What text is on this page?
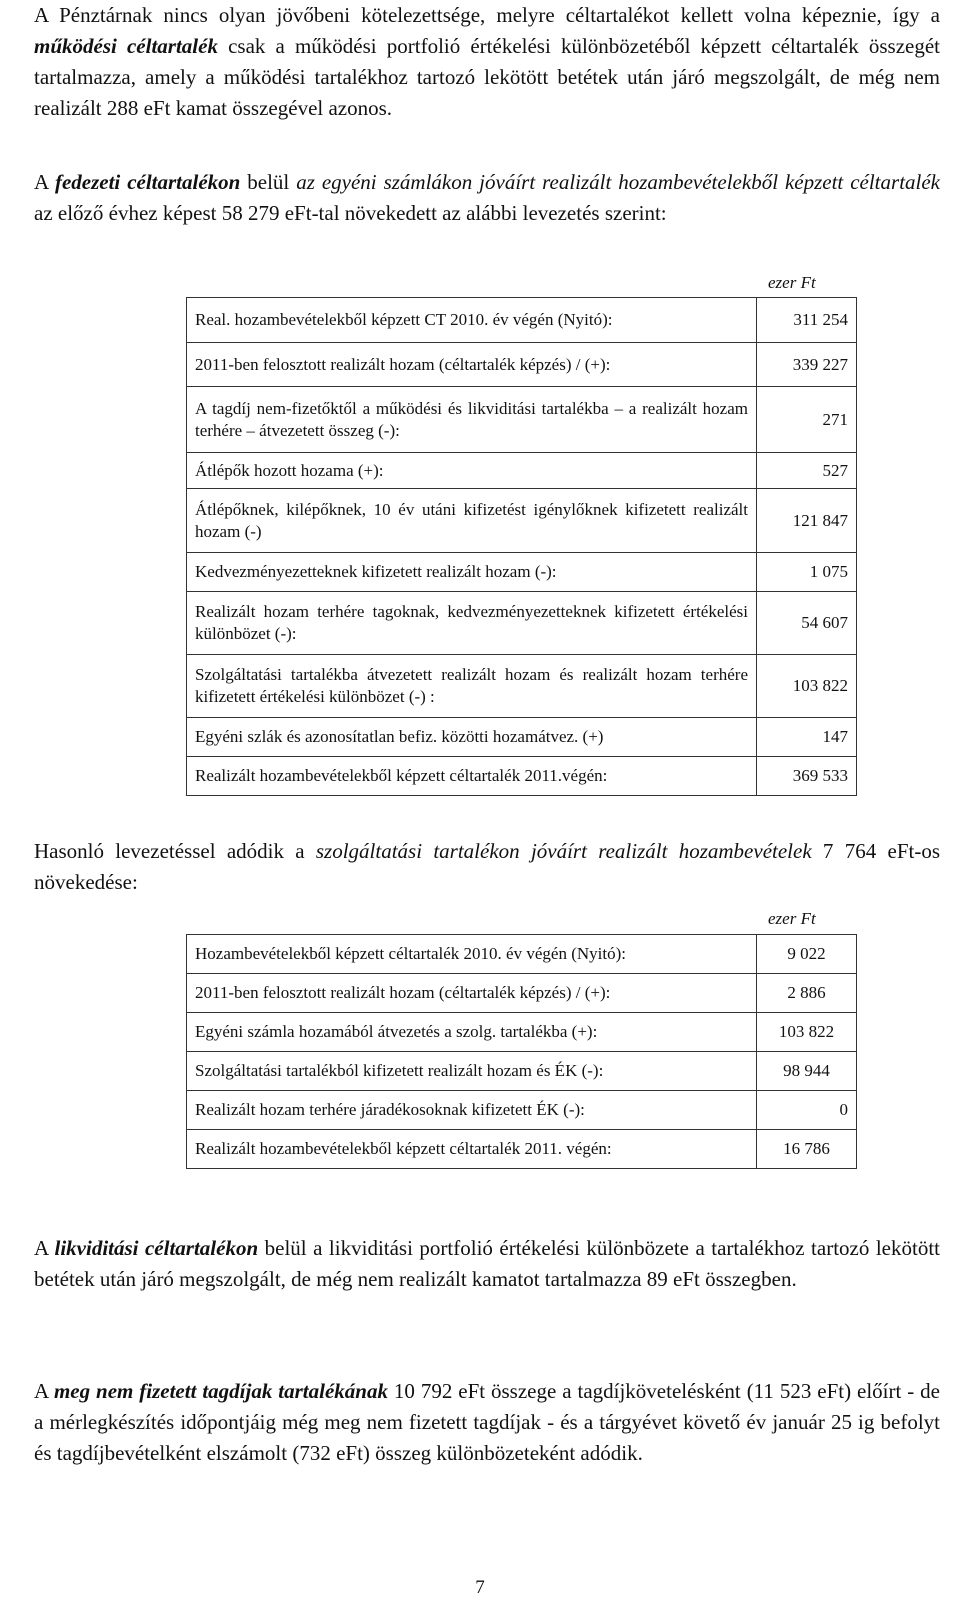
A Pénztárnak nincs olyan jövőbeni kötelezettsége, melyre céltartalékot kellett volna képeznie, így a működési céltartalék csak a működési portfolió értékelési különbözetéből képzett céltartalék összegét tartalmazza, amely a működési tartalékhoz tartozó lekötött betétek után járó megszolgált, de még nem realizált 288 eFt kamat összegével azonos.

A fedezeti céltartalékon belül az egyéni számlákon jóváírt realizált hozambevételekből képzett céltartalék az előző évhez képest 58 279 eFt-tal növekedett az alábbi levezetés szerint:

ezer Ft
Real. hozambevételekből képzett CT 2010. év végén (Nyitó):	311 254
2011-ben felosztott realizált hozam (céltartalék képzés) / (+):	339 227
A tagdíj nem-fizetőktől a működési és likviditási tartalékba – a realizált hozam terhére – átvezetett összeg (-):	271
Átlépők hozott hozama (+):	527
Átlépőknek, kilépőknek, 10 év utáni kifizetést igénylőknek kifizetett realizált hozam (-)	121 847
Kedvezményezetteknek kifizetett realizált hozam (-):	1 075
Realizált hozam terhére tagoknak, kedvezményezetteknek kifizetett értékelési különbözet (-):	54 607
Szolgáltatási tartalékba átvezetett realizált hozam és realizált hozam terhére kifizetett értékelési különbözet (-) :	103 822
Egyéni szlák és azonosítatlan befiz. közötti hozamátvez. (+)	147
Realizált hozambevételekből képzett céltartalék 2011.végén:	369 533

Hasonló levezetéssel adódik a szolgáltatási tartalékon jóváírt realizált hozambevételek 7 764 eFt-os növekedése:

ezer Ft
Hozambevételekből képzett céltartalék 2010. év végén (Nyitó):	9 022
2011-ben felosztott realizált hozam (céltartalék képzés) / (+):	2 886
Egyéni számla hozamából átvezetés a szolg. tartalékba (+):	103 822
Szolgáltatási tartalékból kifizetett realizált hozam és ÉK (-):	98 944
Realizált hozam terhére járadékosoknak kifizetett ÉK (-):	0
Realizált hozambevételekből képzett céltartalék 2011. végén:	16 786

A likviditási céltartalékon belül a likviditási portfolió értékelési különbözete a tartalékhoz tartozó lekötött betétek után járó megszolgált, de még nem realizált kamatot tartalmazza 89 eFt összegben.

A meg nem fizetett tagdíjak tartalékának 10 792 eFt összege a tagdíjkövetelésként (11 523 eFt) előírt - de a mérlegkészítés időpontjáig még meg nem fizetett tagdíjak - és a tárgyévet követő év január 25 ig befolyt és tagdíjbevételként elszámolt (732 eFt) összeg különbözeteként adódik.

7
